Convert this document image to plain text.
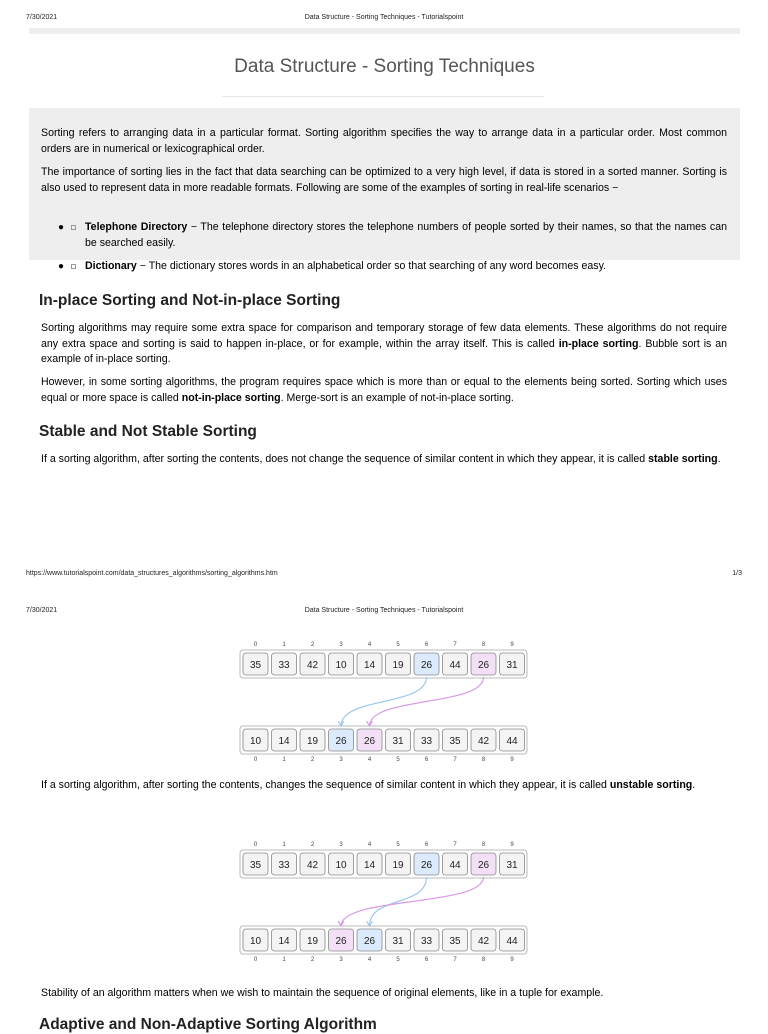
7/30/2021	Data Structure - Sorting Techniques - Tutorialspoint
Data Structure - Sorting Techniques

Sorting refers to arranging data in a particular format. Sorting algorithm specifies the way to arrange data in a particular order. Most common orders are in numerical or lexicographical order.

The importance of sorting lies in the fact that data searching can be optimized to a very high level, if data is stored in a sorted manner. Sorting is also used to represent data in more readable formats. Following are some of the examples of sorting in real-life scenarios −

● Telephone Directory − The telephone directory stores the telephone numbers of people sorted by their names, so that the names can be searched easily.
● Dictionary − The dictionary stores words in an alphabetical order so that searching of any word becomes easy.
In-place Sorting and Not-in-place Sorting

Sorting algorithms may require some extra space for comparison and temporary storage of few data elements. These algorithms do not require any extra space and sorting is said to happen in-place, or for example, within the array itself. This is called in-place sorting. Bubble sort is an example of in-place sorting.

However, in some sorting algorithms, the program requires space which is more than or equal to the elements being sorted. Sorting which uses equal or more space is called not-in-place sorting. Merge-sort is an example of not-in-place sorting.

Stable and Not Stable Sorting

If a sorting algorithm, after sorting the contents, does not change the sequence of similar content in which they appear, it is called stable sorting.

https://www.tutorialspoint.com/data_structures_algorithms/sorting_algorithms.htm	1/3
7/30/2021	Data Structure - Sorting Techniques - Tutorialspoint
35
0
33
1
42
2
10
3
14
4
19
5
26
6
44
7
26
8
31
9
10
0
14
1
19
2
26
3
26
4
31
5
33
6
35
7
42
8
44
9

If a sorting algorithm, after sorting the contents, changes the sequence of similar content in which they appear, it is called unstable sorting.

35
0
33
1
42
2
10
3
14
4
19
5
26
6
44
7
26
8
31
9
10
0
14
1
19
2
26
3
26
4
31
5
33
6
35
7
42
8
44
9

Stability of an algorithm matters when we wish to maintain the sequence of original elements, like in a tuple for example.

Adaptive and Non-Adaptive Sorting Algorithm
